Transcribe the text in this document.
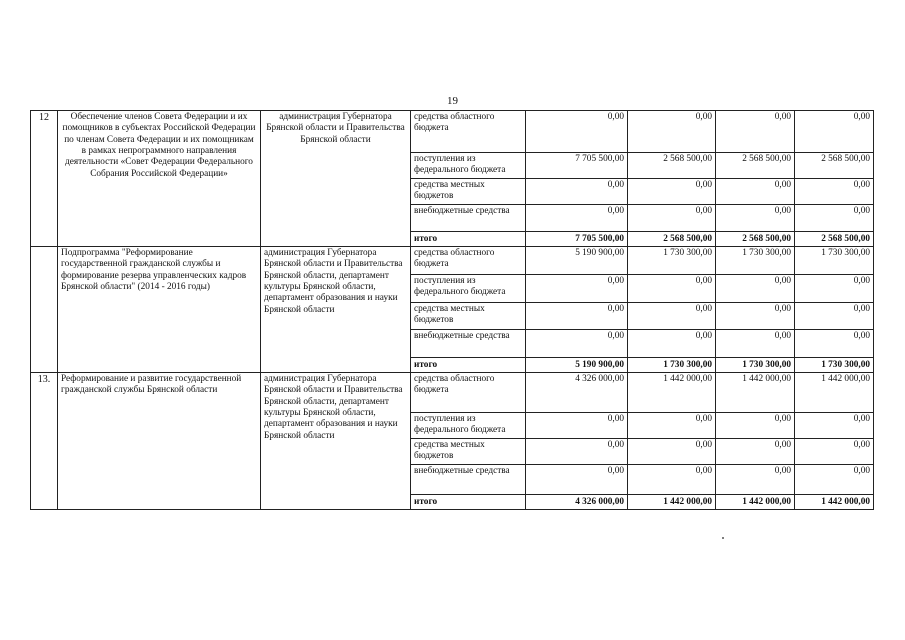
19
12	Обеспечение членов Совета Федерации и их помощников в субъектах Российской Федерации по членам Совета Федерации и их помощникам в рамках непрограммного направления деятельности «Совет Федерации Федерального Собрания Российской Федерации»	администрация Губернатора Брянской области и Правительства Брянской области	средства областного бюджета	0,00	0,00	0,00	0,00
			поступления из федерального бюджета	7 705 500,00	2 568 500,00	2 568 500,00	2 568 500,00
			средства местных бюджетов	0,00	0,00	0,00	0,00
			внебюджетные средства	0,00	0,00	0,00	0,00
			итого	7 705 500,00	2 568 500,00	2 568 500,00	2 568 500,00
	Подпрограмма "Реформирование государственной гражданской службы и формирование резерва управленческих кадров Брянской области" (2014 - 2016 годы)	администрация Губернатора Брянской области и Правительства Брянской области, департамент культуры Брянской области, департамент образования и науки Брянской области	средства областного бюджета	5 190 900,00	1 730 300,00	1 730 300,00	1 730 300,00
			поступления из федерального бюджета	0,00	0,00	0,00	0,00
			средства местных бюджетов	0,00	0,00	0,00	0,00
			внебюджетные средства	0,00	0,00	0,00	0,00
			итого	5 190 900,00	1 730 300,00	1 730 300,00	1 730 300,00
13.	Реформирование и развитие государственной гражданской службы Брянской области	администрация Губернатора Брянской области и Правительства Брянской области, департамент культуры Брянской области, департамент образования и науки Брянской области	средства областного бюджета	4 326 000,00	1 442 000,00	1 442 000,00	1 442 000,00
			поступления из федерального бюджета	0,00	0,00	0,00	0,00
			средства местных бюджетов	0,00	0,00	0,00	0,00
			внебюджетные средства	0,00	0,00	0,00	0,00
			итого	4 326 000,00	1 442 000,00	1 442 000,00	1 442 000,00
